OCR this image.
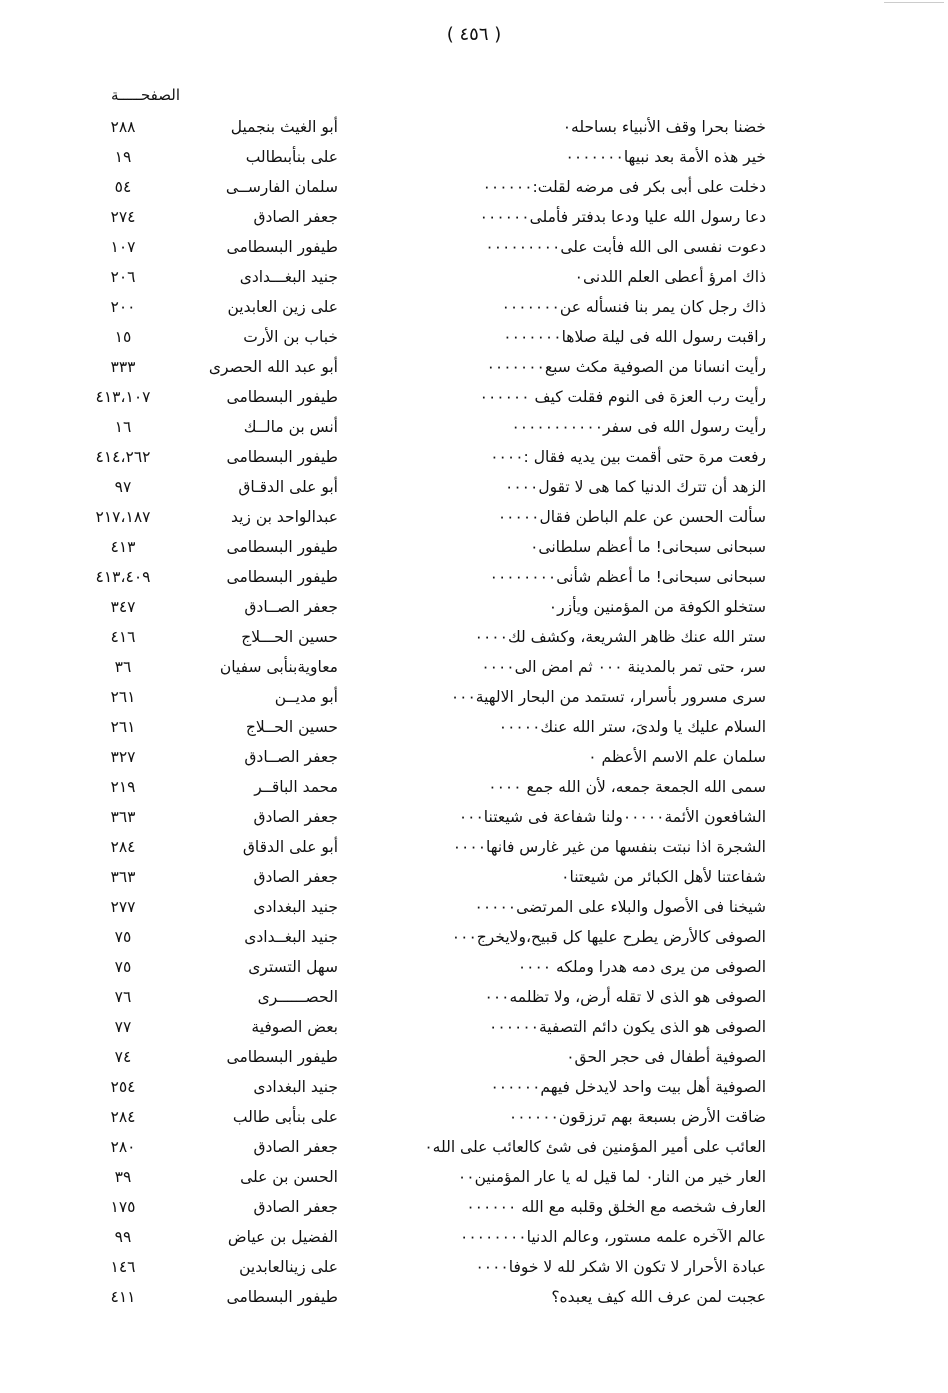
( ٤٥٦ )
الصفحـــــة
خضنا بحرا وقف الأنبياء بساحله٠
أبو الغيث بنجميل
٢٨٨
خير هذه الأمة بعد نبيها٠٠٠٠٠٠٠
على بنأبىطالب
١٩
دخلت على أبى بكر فى مرضه لقلت:٠٠٠٠٠٠
سلمان الفارســى
٥٤
دعا رسول الله عليا ودعا بدفتر فأملى٠٠٠٠٠٠
جعفر الصادق
٢٧٤
دعوت نفسى الى الله فأبت على٠٠٠٠٠٠٠٠٠
طيفور البسطامى
١٠٧
ذاك امرؤ أعطى العلم اللدنى٠
جنيد البغـــدادى
٢٠٦
ذاك رجل كان يمر بنا فنسأله عن٠٠٠٠٠٠٠
على زين العابدين
٢٠٠
راقبت رسول الله فى ليلة صلاها٠٠٠٠٠٠٠
خباب بن الأرت
١٥
رأيت انسانا من الصوفية مكث سبع٠٠٠٠٠٠٠
أبو عبد الله الحصرى
٣٣٣
رأيت رب العزة فى النوم فقلت كيف ٠٠٠٠٠٠
طيفور البسطامى
٤١٣،١٠٧
رأيت رسول الله فى سفر٠٠٠٠٠٠٠٠٠٠٠
أنس بن مالــك
١٦
رفعت مرة حتى أقمت بين يديه فقال :٠٠٠٠
طيفور البسطامى
٤١٤،٢٦٢
الزهد أن تترك الدنيا كما هى لا تقول٠٠٠٠
أبو على الدقـاق
٩٧
سألت الحسن عن علم الباطن فقال٠٠٠٠٠
عبدالواحد بن زيد
٢١٧،١٨٧
سبحانى سبحانى! ما أعظم سلطانى٠
طيفور البسطامى
٤١٣
سبحانى سبحانى! ما أعظم شأنى٠٠٠٠٠٠٠٠
طيفور البسطامى
٤١٣،٤٠٩
ستخلو الكوفة من المؤمنين ويأزر٠
جعفر الصــادق
٣٤٧
ستر الله عنك ظاهر الشريعة، وكشف لك٠٠٠٠
حسين الحـــلاج
٤١٦
سر، حتى تمر بالمدينة ٠٠٠ ثم امض الى٠٠٠٠
معاويةبنأبى سفيان
٣٦
سرى مسرور بأسرار، تستمد من البحار الالهية٠٠٠
أبو مديــن
٢٦١
السلام عليك يا ولدىَ، ستر الله عنك٠٠٠٠٠
حسين الحــلاج
٢٦١
سلمان علم الاسم الأعظم ٠
جعفر الصــادق
٣٢٧
سمى الله الجمعة جمعه، لأن الله جمع ٠٠٠٠
محمد الباقــر
٢١٩
الشافعون الأئمة٠٠٠٠٠ولنا شفاعة فى شيعتنا٠٠٠
جعفر الصادق
٣٦٣
الشجرة اذا نبتت بنفسها من غير غارس فانها٠٠٠٠
أبو على الدقاق
٢٨٤
شفاعتنا لأهل الكبائر من شيعتنا٠
جعفر الصادق
٣٦٣
شيخنا فى الأصول والبلاء على المرتضى٠٠٠٠٠
جنيد البغدادى
٢٧٧
الصوفى كالأرض يطرح عليها كل قبيح،ولايخرج٠٠٠
جنيد البغــدادى
٧٥
الصوفى من يرى دمه هدرا وملكه ٠٠٠٠
سهل التسترى
٧٥
الصوفى هو الذى لا تقله أرض، ولا تظلمه٠٠٠
الحصــــــرى
٧٦
الصوفى هو الذى يكون دائم التصفية٠٠٠٠٠٠
بعض الصوفية
٧٧
الصوفية أطفال فى حجر الحق٠
طيفور البسطامى
٧٤
الصوفية أهل بيت واحد لايدخل فيهم٠٠٠٠٠٠
جنيد البغدادى
٢٥٤
ضاقت الأرض بسبعة بهم ترزقون٠٠٠٠٠٠
على بنأبى طالب
٢٨٤
العائب على أمير المؤمنين فى شئ كالعائب على الله٠
جعفر الصادق
٢٨٠
العار خير من النار٠ لما قيل له يا عار المؤمنين٠٠
الحسن بن على
٣٩
العارف شخصه مع الخلق وقلبه مع الله ٠٠٠٠٠٠
جعفر الصادق
١٧٥
عالم الآخره علمه مستور، وعالم الدنيا٠٠٠٠٠٠٠٠
الفضيل بن عياض
٩٩
عبادة الأحرار لا تكون الا شكر لله لا خوفا٠٠٠٠
على زينالعابدين
١٤٦
عجبت لمن عرف الله كيف يعبده؟
طيفور البسطامى
٤١١
